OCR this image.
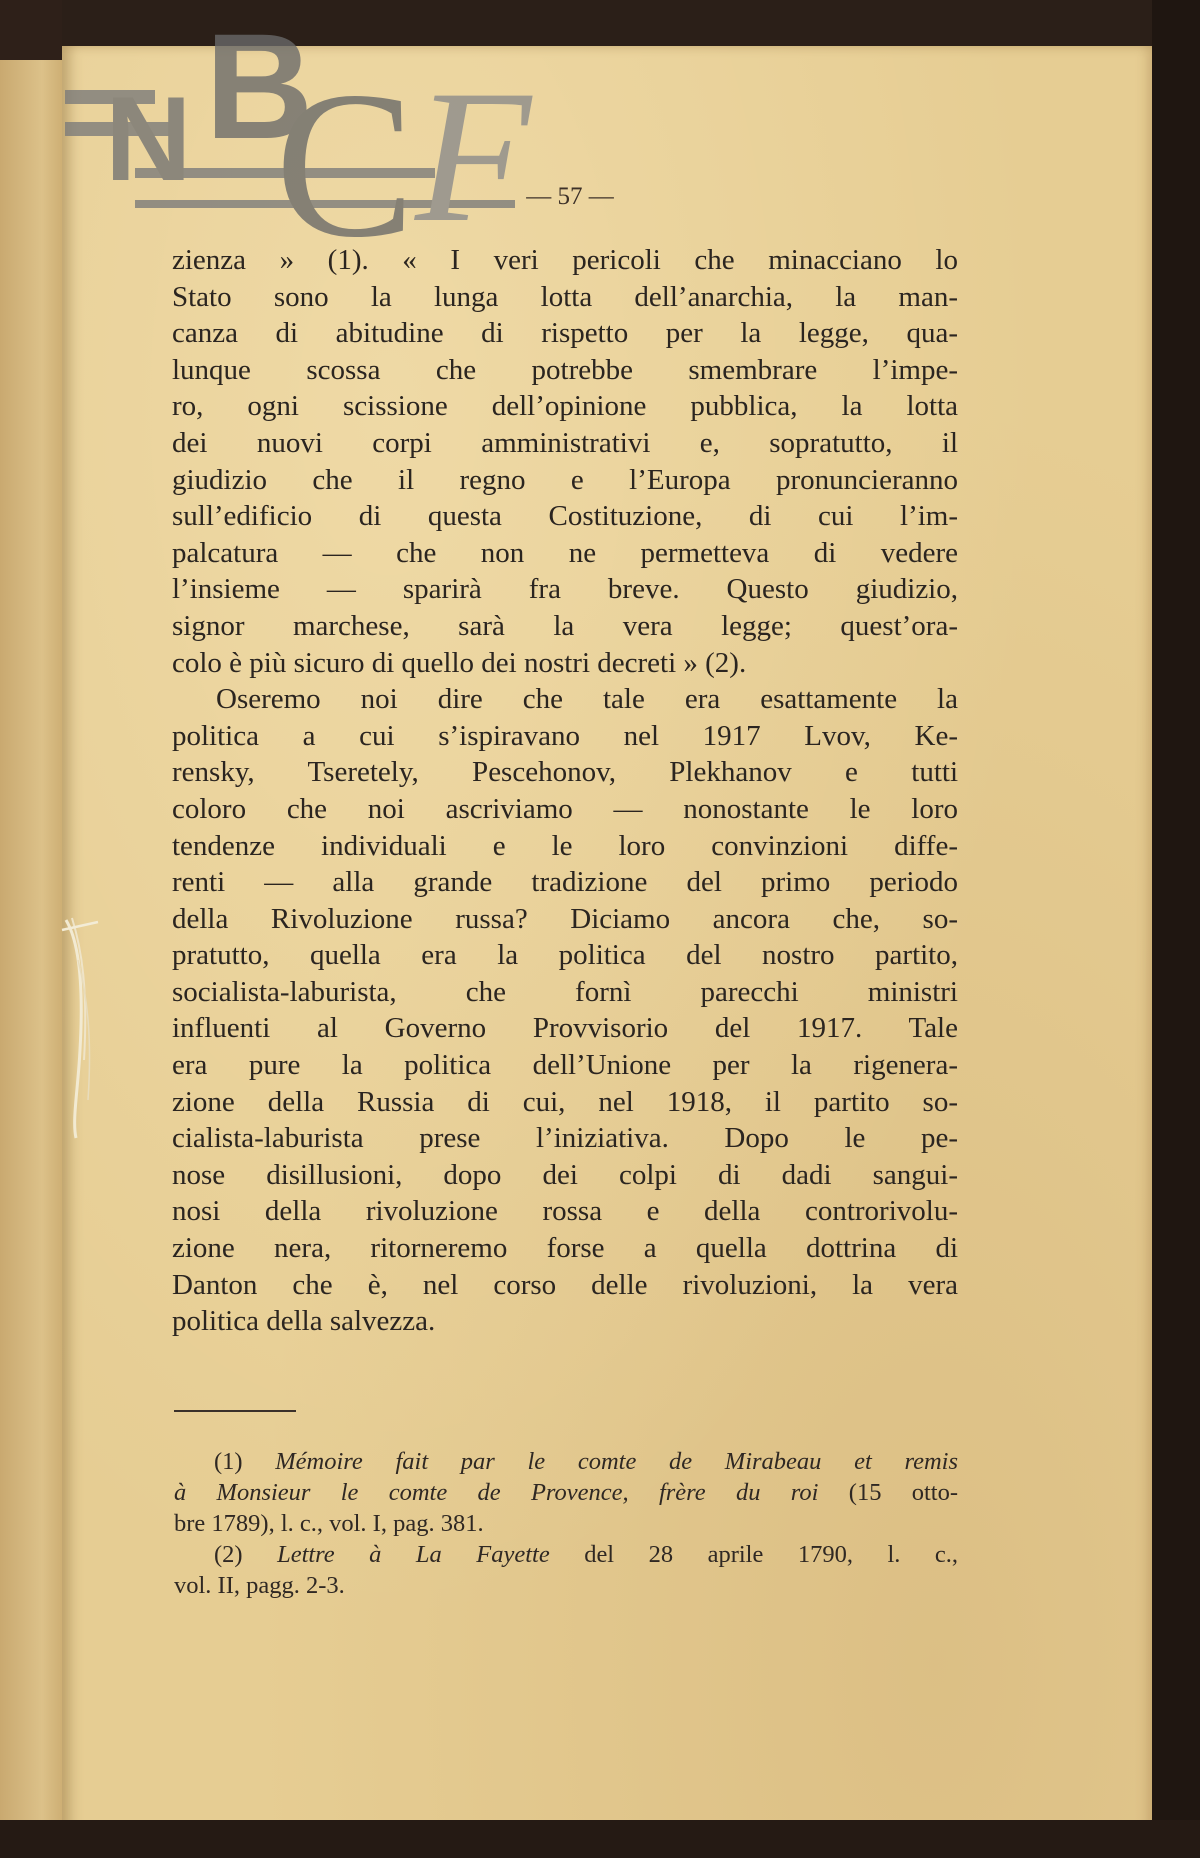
N B
C F
— 57 —
zienza » (1). « I veri pericoli che minacciano lo
Stato sono la lunga lotta dell’anarchia, la man-
canza di abitudine di rispetto per la legge, qua-
lunque scossa che potrebbe smembrare l’impe-
ro, ogni scissione dell’opinione pubblica, la lotta
dei nuovi corpi amministrativi e, sopratutto, il
giudizio che il regno e l’Europa pronuncieranno
sull’edificio di questa Costituzione, di cui l’im-
palcatura — che non ne permetteva di vedere
l’insieme — sparirà fra breve. Questo giudizio,
signor marchese, sarà la vera legge; quest’ora-
colo è più sicuro di quello dei nostri decreti » (2).
Oseremo noi dire che tale era esattamente la
politica a cui s’ispiravano nel 1917 Lvov, Ke-
rensky, Tseretely, Pescehonov, Plekhanov e tutti
coloro che noi ascriviamo — nonostante le loro
tendenze individuali e le loro convinzioni diffe-
renti — alla grande tradizione del primo periodo
della Rivoluzione russa? Diciamo ancora che, so-
pratutto, quella era la politica del nostro partito,
socialista-laburista, che fornì parecchi ministri
influenti al Governo Provvisorio del 1917. Tale
era pure la politica dell’Unione per la rigenera-
zione della Russia di cui, nel 1918, il partito so-
cialista-laburista prese l’iniziativa. Dopo le pe-
nose disillusioni, dopo dei colpi di dadi sangui-
nosi della rivoluzione rossa e della controrivolu-
zione nera, ritorneremo forse a quella dottrina di
Danton che è, nel corso delle rivoluzioni, la vera
politica della salvezza.
(1) Mémoire fait par le comte de Mirabeau et remis
à Monsieur le comte de Provence, frère du roi (15 otto-
bre 1789), l. c., vol. I, pag. 381.
(2) Lettre à La Fayette del 28 aprile 1790, l. c.,
vol. II, pagg. 2-3.
